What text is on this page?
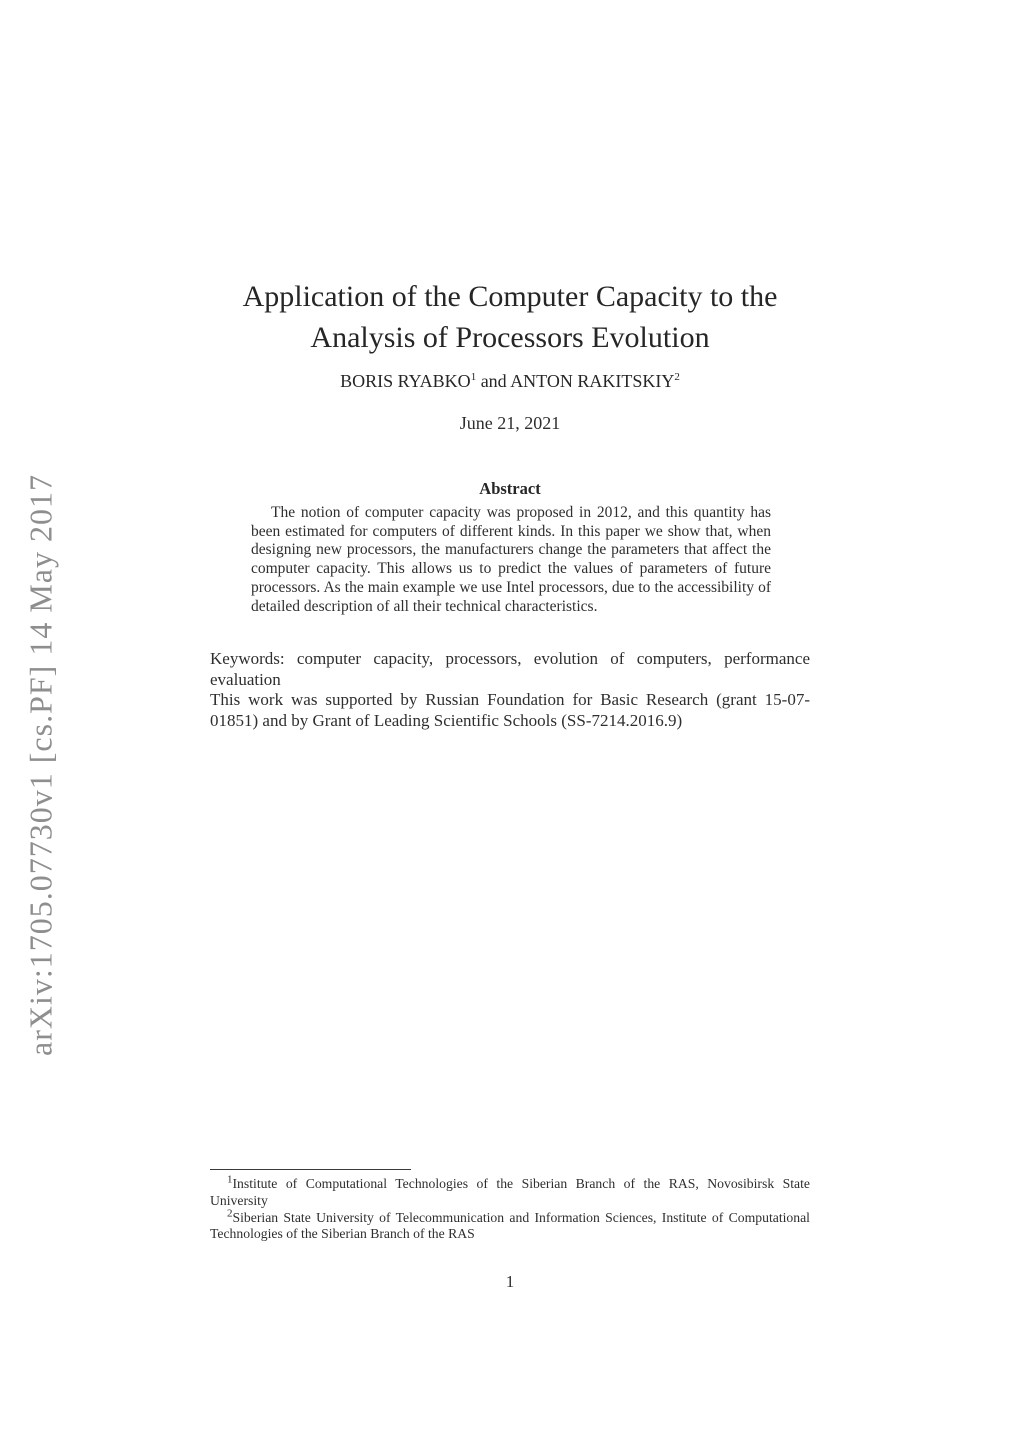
arXiv:1705.07730v1 [cs.PF] 14 May 2017
Application of the Computer Capacity to the
Analysis of Processors Evolution
BORIS RYABKO$^1$ and ANTON RAKITSKIY$^2$
June 21, 2021
Abstract

The notion of computer capacity was proposed in 2012, and this quantity has been estimated for computers of different kinds. In this paper we show that, when designing new processors, the manufacturers change the parameters that affect the computer capacity. This allows us to predict the values of parameters of future processors. As the main example we use Intel processors, due to the accessibility of detailed description of all their technical characteristics.

Keywords: computer capacity, processors, evolution of computers, performance evaluation

This work was supported by Russian Foundation for Basic Research (grant 15-07-01851) and by Grant of Leading Scientific Schools (SS-7214.2016.9)

$^1$Institute of Computational Technologies of the Siberian Branch of the RAS, Novosibirsk State University

$^2$Siberian State University of Telecommunication and Information Sciences, Institute of Computational Technologies of the Siberian Branch of the RAS

1
